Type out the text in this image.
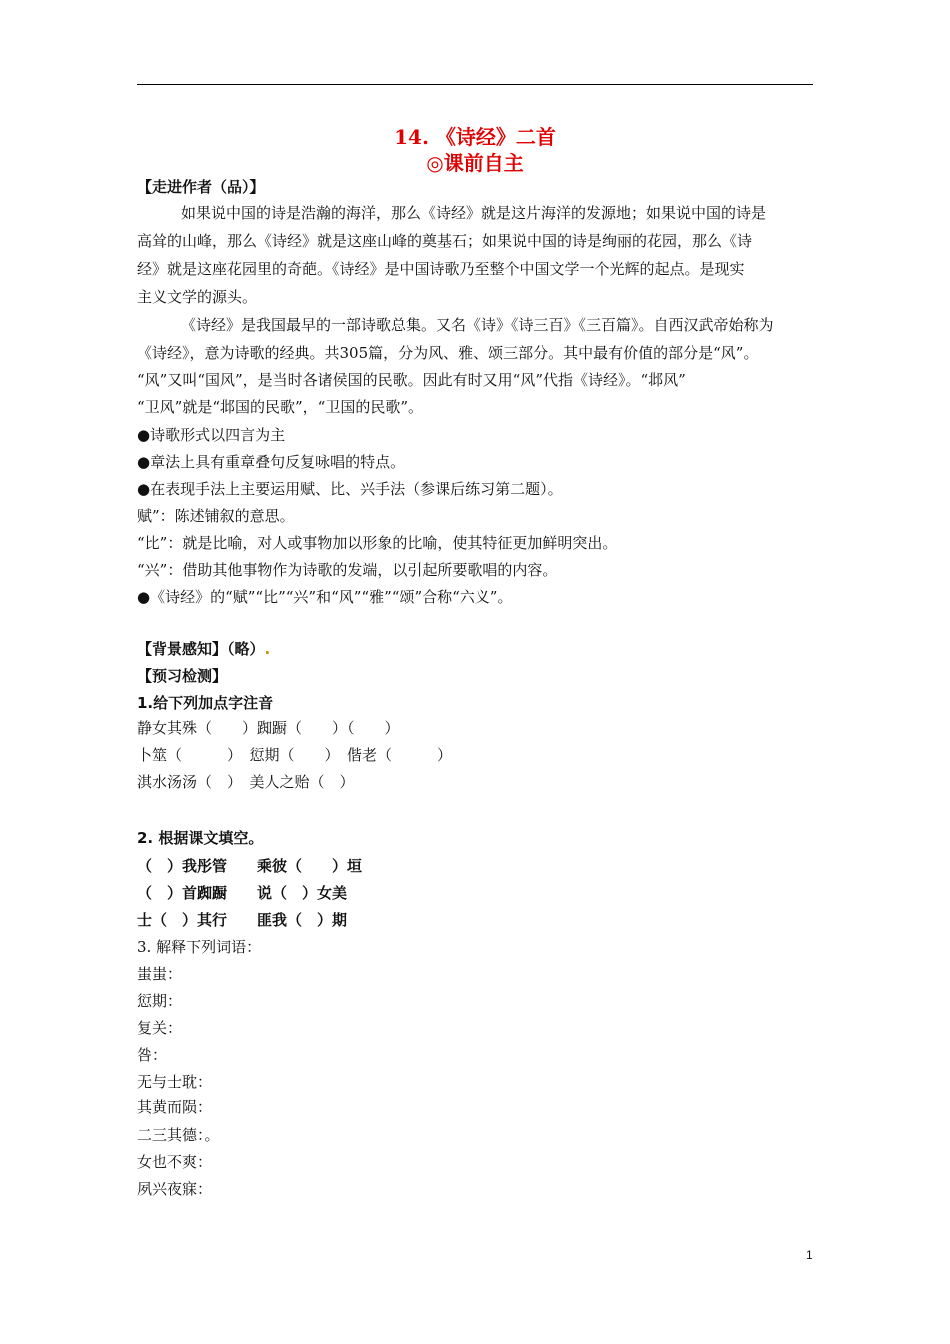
14. 《诗经》二首
◎课前自主
【走进作者（品）】
如果说中国的诗是浩瀚的海洋，那么《诗经》就是这片海洋的发源地；如果说中国的诗是
高耸的山峰，那么《诗经》就是这座山峰的奠基石；如果说中国的诗是绚丽的花园，那么《诗
经》就是这座花园里的奇葩。《诗经》是中国诗歌乃至整个中国文学一个光辉的起点。是现实
主义文学的源头。
《诗经》是我国最早的一部诗歌总集。又名《诗》《诗三百》《三百篇》。自西汉武帝始称为
《诗经》，意为诗歌的经典。共305篇，分为风、雅、颂三部分。其中最有价值的部分是“风”。
“风”又叫“国风”，是当时各诸侯国的民歌。因此有时又用“风”代指《诗经》。“邶风”
“卫风”就是“邶国的民歌”，“卫国的民歌”。
●诗歌形式以四言为主
●章法上具有重章叠句反复咏唱的特点。
●在表现手法上主要运用赋、比、兴手法（参课后练习第二题）。
赋”：陈述铺叙的意思。
“比”：就是比喻，对人或事物加以形象的比喻，使其特征更加鲜明突出。
“兴”：借助其他事物作为诗歌的发端，以引起所要歌唱的内容。
●《诗经》的“赋”“比”“兴”和“风”“雅”“颂”合称“六义”。
【背景感知】（略）.
【预习检测】
1.给下列加点字注音
静女其殊（　　）踟蹰（　　）（　　）
卜筮（　　　）　愆期（　　）　偕老（　　　）
淇水汤汤（　）　美人之贻（　）
2. 根据课文填空。
（　）我彤管　　乘彼（　　）垣
（　）首踟蹰　　说（　）女美
士（　）其行　　匪我（　）期
3. 解释下列词语：
蚩蚩：
愆期：
复关：
咎：
无与士耽：
其黄而陨：
二三其德：。
女也不爽：
夙兴夜寐：
1
